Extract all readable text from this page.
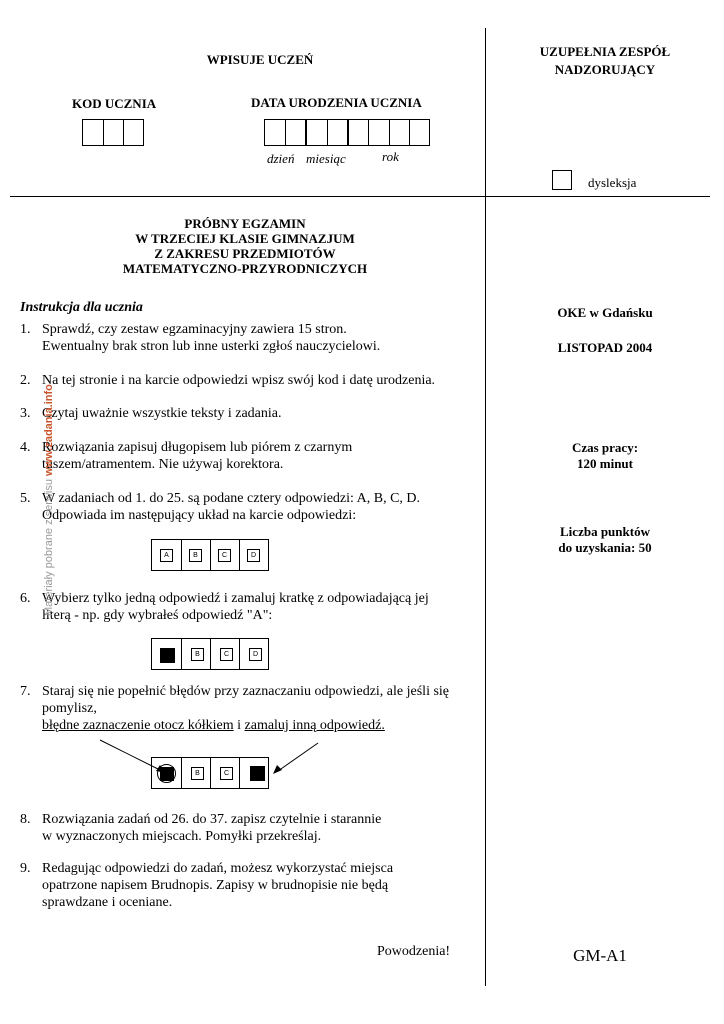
WPISUJE UCZEŃ
UZUPEŁNIA ZESPÓŁ
NADZORUJĄCY
KOD UCZNIA	DATA URODZENIA UCZNIA
dzień miesiąc	rok
dysleksja
PRÓBNY EGZAMIN
W TRZECIEJ KLASIE GIMNAZJUM
Z ZAKRESU PRZEDMIOTÓW
MATEMATYCZNO-PRZYRODNICZYCH
Instrukcja dla ucznia
1. Sprawdź, czy zestaw egzaminacyjny zawiera 15 stron.
Ewentualny brak stron lub inne usterki zgłoś nauczycielowi.
2. Na tej stronie i na karcie odpowiedzi wpisz swój kod i datę urodzenia.
3. Czytaj uważnie wszystkie teksty i zadania.
4. Rozwiązania zapisuj długopisem lub piórem z czarnym
tuszem/atramentem. Nie używaj korektora.
5. W zadaniach od 1. do 25. są podane cztery odpowiedzi: A, B, C, D.
Odpowiada im następujący układ na karcie odpowiedzi:
A	B	C	D
6. Wybierz tylko jedną odpowiedź i zamaluj kratkę z odpowiadającą jej
literą - np. gdy wybrałeś odpowiedź "A":
B	C	D
7. Staraj się nie popełnić błędów przy zaznaczaniu odpowiedzi, ale jeśli się
pomylisz,
błędne zaznaczenie otocz kółkiem i zamaluj inną odpowiedź.
B	C
8. Rozwiązania zadań od 26. do 37. zapisz czytelnie i starannie
w wyznaczonych miejscach. Pomyłki przekreślaj.
9. Redagując odpowiedzi do zadań, możesz wykorzystać miejsca
opatrzone napisem Brudnopis. Zapisy w brudnopisie nie będą
sprawdzane i oceniane.
Powodzenia!
OKE w Gdańsku
LISTOPAD 2004
Czas pracy:
120 minut
Liczba punktów
do uzyskania: 50
GM-A1
Materiały pobrane z serwisu www.zadania.info
